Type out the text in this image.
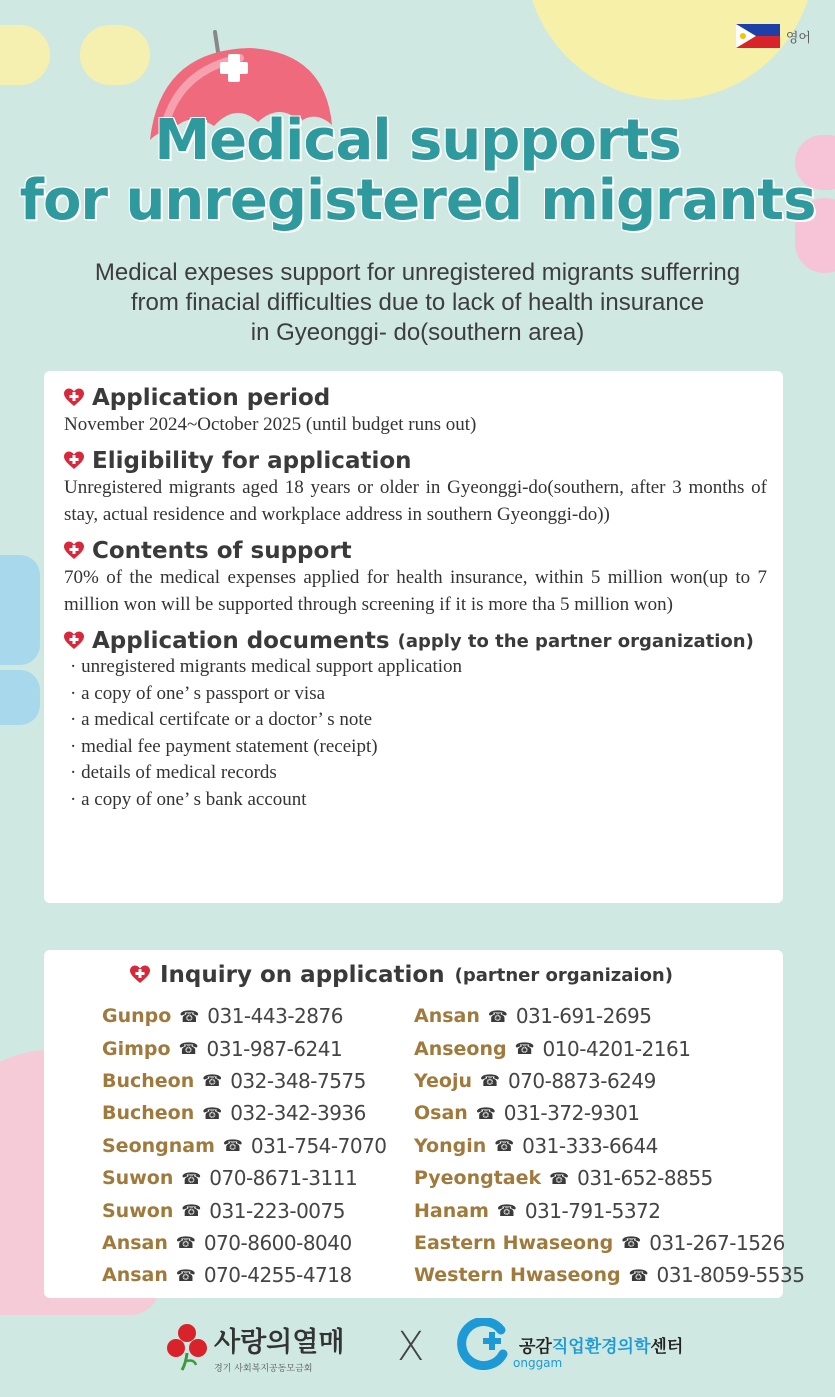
영어
Medical supports
for unregistered migrants
Medical expeses support for unregistered migrants sufferring
from finacial difficulties due to lack of health insurance
in Gyeonggi- do(southern area)
Application period
November 2024~October 2025 (until budget runs out)
Eligibility for application
Unregistered migrants aged 18 years or older in Gyeonggi-do(southern, after 3 months of stay, actual residence and workplace address in southern Gyeonggi-do))
Contents of support
70% of the medical expenses applied for health insurance, within 5 million won(up to 7 million won will be supported through screening if it is more tha 5 million won)
Application documents (apply to the partner organization)
· unregistered migrants medical support application
· a copy of one’ s passport or visa
· a medical certifcate or a doctor’ s note
· medial fee payment statement (receipt)
· details of medical records
· a copy of one’ s bank account
Inquiry on application (partner organizaion)
Gunpo ☎ 031-443-2876
Gimpo ☎ 031-987-6241
Bucheon ☎ 032-348-7575
Bucheon ☎ 032-342-3936
Seongnam ☎ 031-754-7070
Suwon ☎ 070-8671-3111
Suwon ☎ 031-223-0075
Ansan ☎ 070-8600-8040
Ansan ☎ 070-4255-4718
Ansan ☎ 031-691-2695
Anseong ☎ 010-4201-2161
Yeoju ☎ 070-8873-6249
Osan ☎ 031-372-9301
Yongin ☎ 031-333-6644
Pyeongtaek ☎ 031-652-8855
Hanam ☎ 031-791-5372
Eastern Hwaseong ☎ 031-267-1526
Western Hwaseong ☎ 031-8059-5535
사랑의열매
경기 사회복지공동모금회	X	공감직업환경의학센터
onggam
